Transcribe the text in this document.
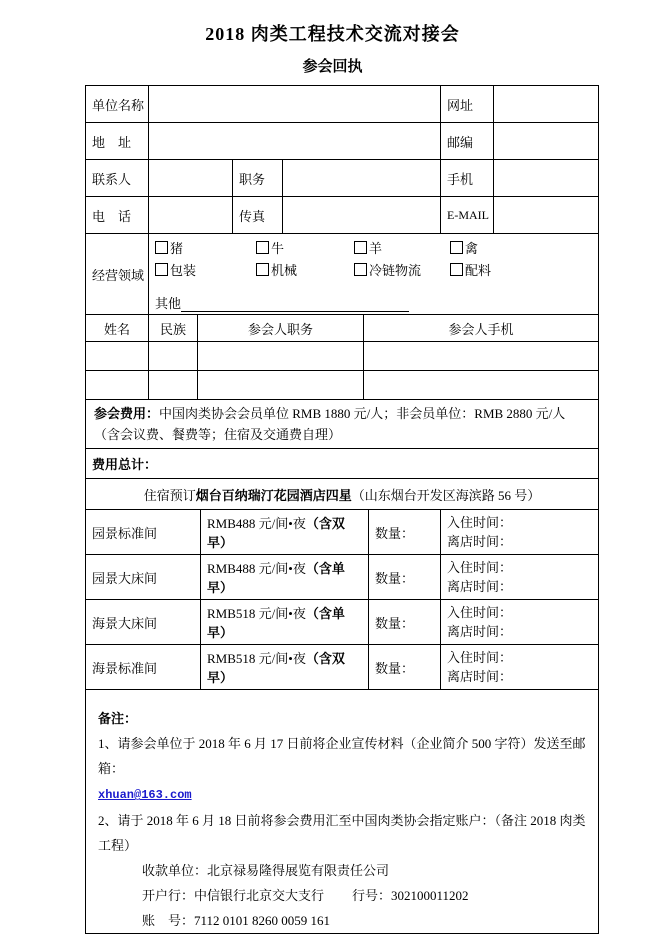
2018 肉类工程技术交流对接会
参会回执
单位名称				网址	
地　址				邮编	
联系人		职务		手机	
电　话		传真		E-MAIL	
经营领域	
猪	牛	羊	禽
包装	机械	冷链物流	配料
其他
姓名	民族	参会人职务	参会人手机

参会费用：中国肉类协会会员单位 RMB 1880 元/人；非会员单位：RMB 2880 元/人
（含会议费、餐费等；住宿及交通费自理）
费用总计：
住宿预订烟台百纳瑞汀花园酒店四星（山东烟台开发区海滨路 56 号）			
园景标准间	RMB488 元/间•夜（含双早）	数量：	入住时间：
离店时间：
园景大床间	RMB488 元/间•夜（含单早）	数量：	入住时间：
离店时间：
海景大床间	RMB518 元/间•夜（含单早）	数量：	入住时间：
离店时间：
海景标准间	RMB518 元/间•夜（含双早）	数量：	入住时间：
离店时间：
备注：
1、请参会单位于 2018 年 6 月 17 日前将企业宣传材料（企业简介 500 字符）发送至邮箱：
xhuan@163.com
2、请于 2018 年 6 月 18 日前将参会费用汇至中国肉类协会指定账户：（备注 2018 肉类工程）
收款单位：北京禄易隆得展览有限责任公司
开户行：中信银行北京交大支行 行号：302100011202
账　号：7112 0101 8260 0059 161
